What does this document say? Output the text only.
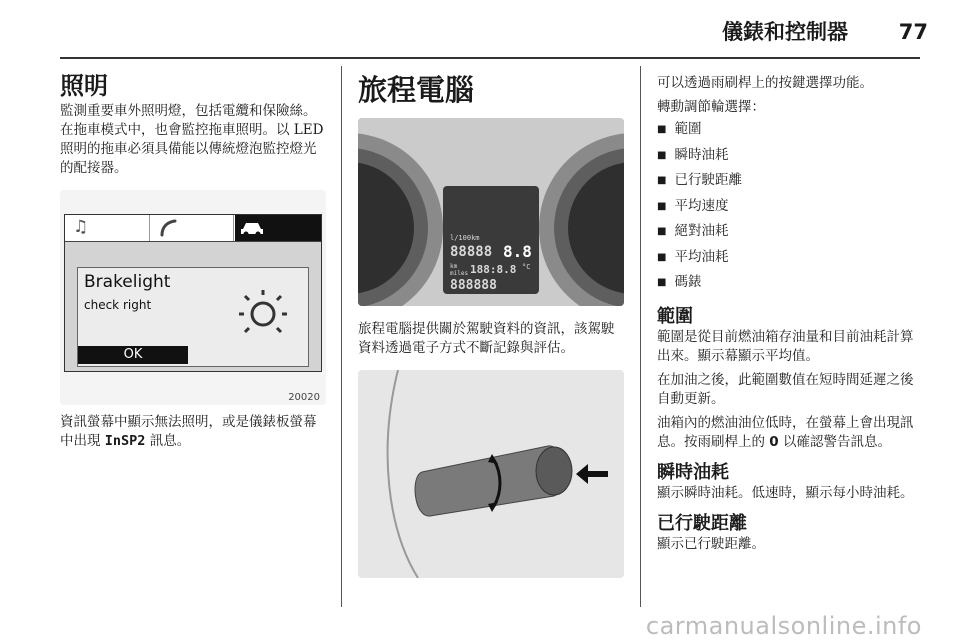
儀錶和控制器	77
照明

監測重要車外照明燈，包括電纜和保險絲。在拖車模式中，也會監控拖車照明。以 LED 照明的拖車必須具備能以傳統燈泡監控燈光的配接器。

♫
Brakelight
check right
OK
20020

資訊螢幕中顯示無法照明，或是儀錶板螢幕中出現 InSP2 訊息。

旅程電腦
l/100km
88888 8.8
km
miles 188:8.8 °C
888888

旅程電腦提供關於駕駛資料的資訊，該駕駛資料透過電子方式不斷記錄與評估。

可以透過雨刷桿上的按鍵選擇功能。

轉動調節輪選擇：

■ 範圍
■ 瞬時油耗
■ 已行駛距離
■ 平均速度
■ 絕對油耗
■ 平均油耗
■ 碼錶
範圍

範圍是從目前燃油箱存油量和目前油耗計算出來。顯示幕顯示平均值。

在加油之後，此範圍數值在短時間延遲之後自動更新。

油箱內的燃油油位低時，在螢幕上會出現訊息。按雨刷桿上的 0 以確認警告訊息。

瞬時油耗

顯示瞬時油耗。低速時，顯示每小時油耗。

已行駛距離

顯示已行駛距離。

carmanualsonline.info
